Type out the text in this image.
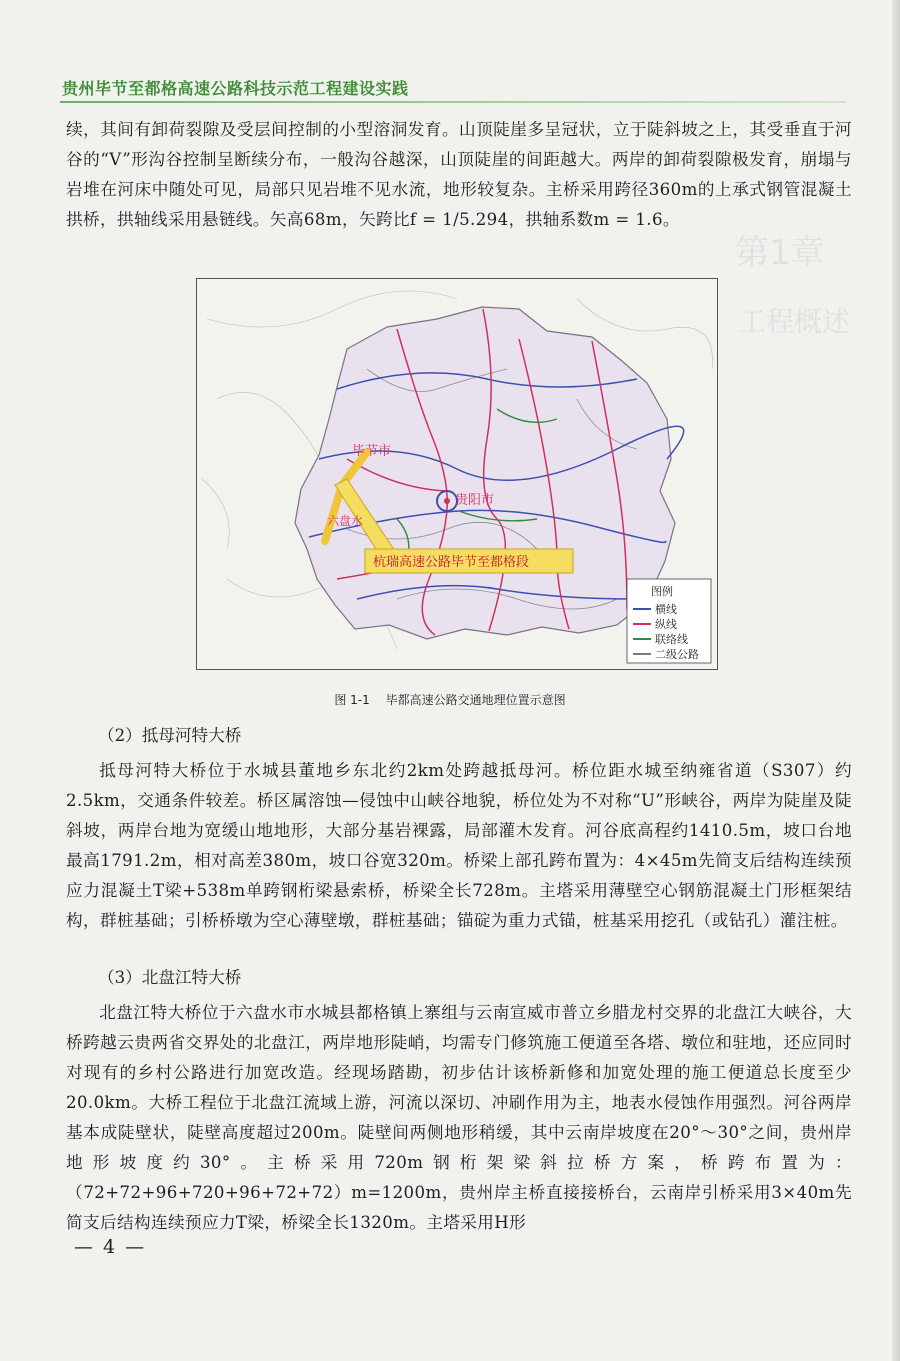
第1章
工程概述
贵州毕节至都格高速公路科技示范工程建设实践

续，其间有卸荷裂隙及受层间控制的小型溶洞发育。山顶陡崖多呈冠状，立于陡斜坡之上，其受垂直于河谷的“V”形沟谷控制呈断续分布，一般沟谷越深，山顶陡崖的间距越大。两岸的卸荷裂隙极发育，崩塌与岩堆在河床中随处可见，局部只见岩堆不见水流，地形较复杂。主桥采用跨径360m的上承式钢管混凝土拱桥，拱轴线采用悬链线。矢高68m，矢跨比f = 1/5.294，拱轴系数m = 1.6。

毕节市
贵阳市
六盘水
杭瑞高速公路毕节至都格段
图例
横线
纵线
联络线
二级公路
图 1-1 毕都高速公路交通地理位置示意图

（2）抵母河特大桥

抵母河特大桥位于水城县董地乡东北约2km处跨越抵母河。桥位距水城至纳雍省道（S307）约2.5km，交通条件较差。桥区属溶蚀—侵蚀中山峡谷地貌，桥位处为不对称“U”形峡谷，两岸为陡崖及陡斜坡，两岸台地为宽缓山地地形，大部分基岩裸露，局部灌木发育。河谷底高程约1410.5m，坡口台地最高1791.2m，相对高差380m，坡口谷宽320m。桥梁上部孔跨布置为：4×45m先简支后结构连续预应力混凝土T梁+538m单跨钢桁梁悬索桥，桥梁全长728m。主塔采用薄壁空心钢筋混凝土门形框架结构，群桩基础；引桥桥墩为空心薄壁墩，群桩基础；锚碇为重力式锚，桩基采用挖孔（或钻孔）灌注桩。

（3）北盘江特大桥

北盘江特大桥位于六盘水市水城县都格镇上寨组与云南宣威市普立乡腊龙村交界的北盘江大峡谷，大桥跨越云贵两省交界处的北盘江，两岸地形陡峭，均需专门修筑施工便道至各塔、墩位和驻地，还应同时对现有的乡村公路进行加宽改造。经现场踏勘，初步估计该桥新修和加宽处理的施工便道总长度至少20.0km。大桥工程位于北盘江流域上游，河流以深切、冲刷作用为主，地表水侵蚀作用强烈。河谷两岸基本成陡壁状，陡壁高度超过200m。陡壁间两侧地形稍缓，其中云南岸坡度在20°～30°之间，贵州岸地形坡度约30°。主桥采用720m钢桁架梁斜拉桥方案，桥跨布置为：（72+72+96+720+96+72+72）m=1200m，贵州岸主桥直接接桥台，云南岸引桥采用3×40m先简支后结构连续预应力T梁，桥梁全长1320m。主塔采用H形

— 4 —
